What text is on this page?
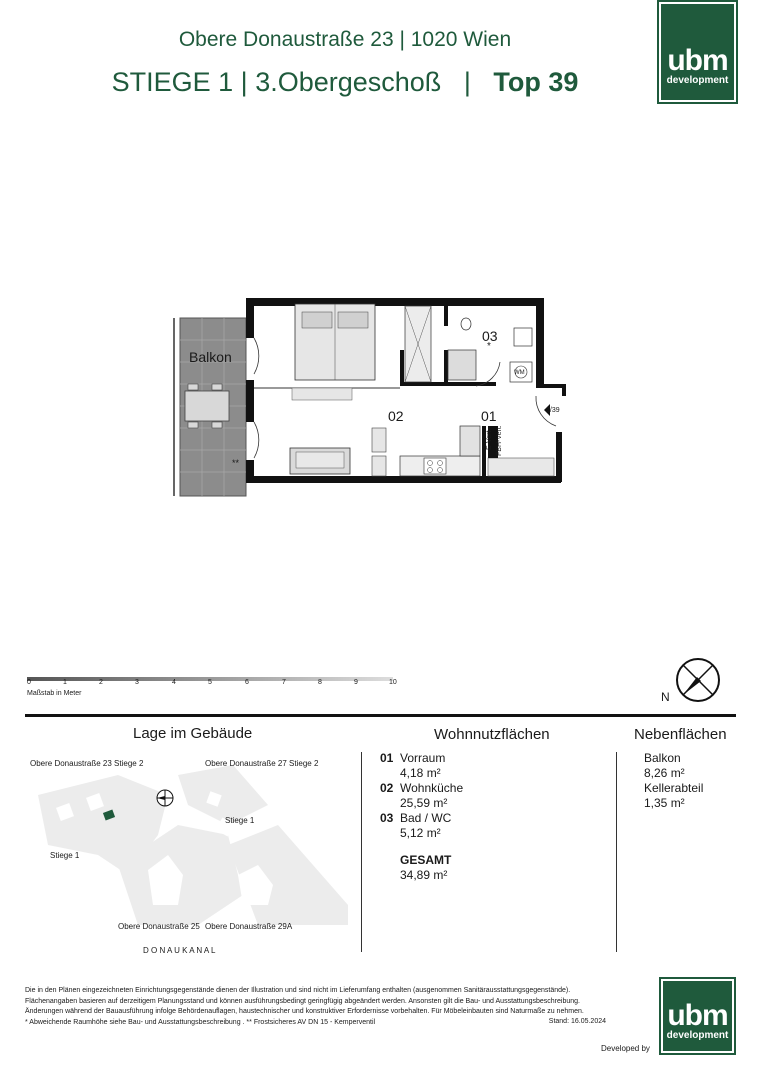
Obere Donaustraße 23 | 1020 Wien
STIEGE 1 | 3.Obergeschoß   |   Top 39
ubm
development
Balkon
02	01
03
*
1/39
WM
E-Vert. FBH-Vert.
**
0	1	2	3	4	5	6	7	8	9	10
Maßstab in Meter	N
Lage im Gebäude
Obere Donaustraße 23 Stiege 2	Obere Donaustraße 27 Stiege 2
Stiege 1
Stiege 1
Obere Donaustraße 25 Obere Donaustraße 29A
D O N A U K A N A L
Wohnnutzflächen
01 Vorraum
4,18 m²
02 Wohnküche
25,59 m²
03 Bad / WC
5,12 m²
GESAMT
34,89 m²
Nebenflächen
Balkon
8,26 m²
Kellerabteil
1,35 m²
Die in den Plänen eingezeichneten Einrichtungsgegenstände dienen der Illustration und sind nicht im Lieferumfang enthalten (ausgenommen Sanitärausstattungsgegenstände).
Flächenangaben basieren auf derzeitigem Planungsstand und können ausführungsbedingt geringfügig abgeändert werden. Ansonsten gilt die Bau- und Ausstattungsbeschreibung.
Änderungen während der Bauausführung infolge Behördenauflagen, haustechnischer und konstruktiver Erfordernisse vorbehalten. Für Möbeleinbauten sind Naturmaße zu nehmen.
* Abweichende Raumhöhe siehe Bau- und Ausstattungsbeschreibung . ** Frostsicheres AV DN 15 - Kemperventil	Stand: 16.05.2024 ubm
development
Developed by
